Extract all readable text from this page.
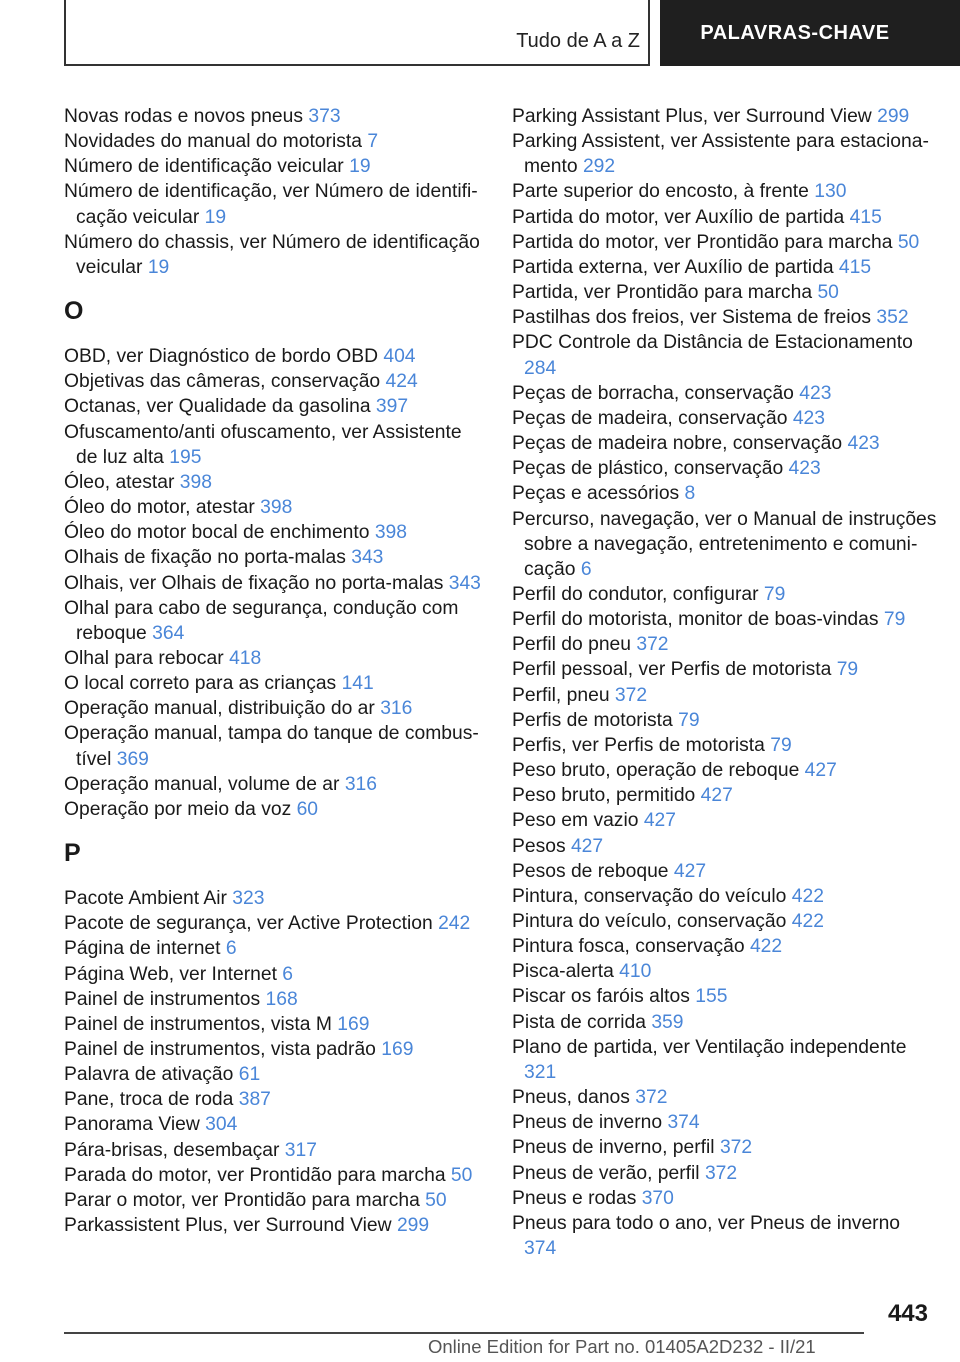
Tudo de A a Z	PALAVRAS-CHAVE
Novas rodas e novos pneus 373
Novidades do manual do motorista 7
Número de identificação veicular 19
Número de identificação, ver Número de identificação veicular 19
Número do chassis, ver Número de identificação veicular 19
O
OBD, ver Diagnóstico de bordo OBD 404
Objetivas das câmeras, conservação 424
Octanas, ver Qualidade da gasolina 397
Ofuscamento/anti ofuscamento, ver Assistente de luz alta 195
Óleo, atestar 398
Óleo do motor, atestar 398
Óleo do motor bocal de enchimento 398
Olhais de fixação no porta-malas 343
Olhais, ver Olhais de fixação no porta-malas 343
Olhal para cabo de segurança, condução com reboque 364
Olhal para rebocar 418
O local correto para as crianças 141
Operação manual, distribuição do ar 316
Operação manual, tampa do tanque de combustível 369
Operação manual, volume de ar 316
Operação por meio da voz 60
P
Pacote Ambient Air 323
Pacote de segurança, ver Active Protection 242
Página de internet 6
Página Web, ver Internet 6
Painel de instrumentos 168
Painel de instrumentos, vista M 169
Painel de instrumentos, vista padrão 169
Palavra de ativação 61
Pane, troca de roda 387
Panorama View 304
Pára-brisas, desembaçar 317
Parada do motor, ver Prontidão para marcha 50
Parar o motor, ver Prontidão para marcha 50
Parkassistent Plus, ver Surround View 299
Parking Assistant Plus, ver Surround View 299
Parking Assistent, ver Assistente para estacionamento 292
Parte superior do encosto, à frente 130
Partida do motor, ver Auxílio de partida 415
Partida do motor, ver Prontidão para marcha 50
Partida externa, ver Auxílio de partida 415
Partida, ver Prontidão para marcha 50
Pastilhas dos freios, ver Sistema de freios 352
PDC Controle da Distância de Estacionamento 284
Peças de borracha, conservação 423
Peças de madeira, conservação 423
Peças de madeira nobre, conservação 423
Peças de plástico, conservação 423
Peças e acessórios 8
Percurso, navegação, ver o Manual de instruções sobre a navegação, entretenimento e comunicação 6
Perfil do condutor, configurar 79
Perfil do motorista, monitor de boas-vindas 79
Perfil do pneu 372
Perfil pessoal, ver Perfis de motorista 79
Perfil, pneu 372
Perfis de motorista 79
Perfis, ver Perfis de motorista 79
Peso bruto, operação de reboque 427
Peso bruto, permitido 427
Peso em vazio 427
Pesos 427
Pesos de reboque 427
Pintura, conservação do veículo 422
Pintura do veículo, conservação 422
Pintura fosca, conservação 422
Pisca-alerta 410
Piscar os faróis altos 155
Pista de corrida 359
Plano de partida, ver Ventilação independente 321
Pneus, danos 372
Pneus de inverno 374
Pneus de inverno, perfil 372
Pneus de verão, perfil 372
Pneus e rodas 370
Pneus para todo o ano, ver Pneus de inverno 374
443
Online Edition for Part no. 01405A2D232 - II/21
